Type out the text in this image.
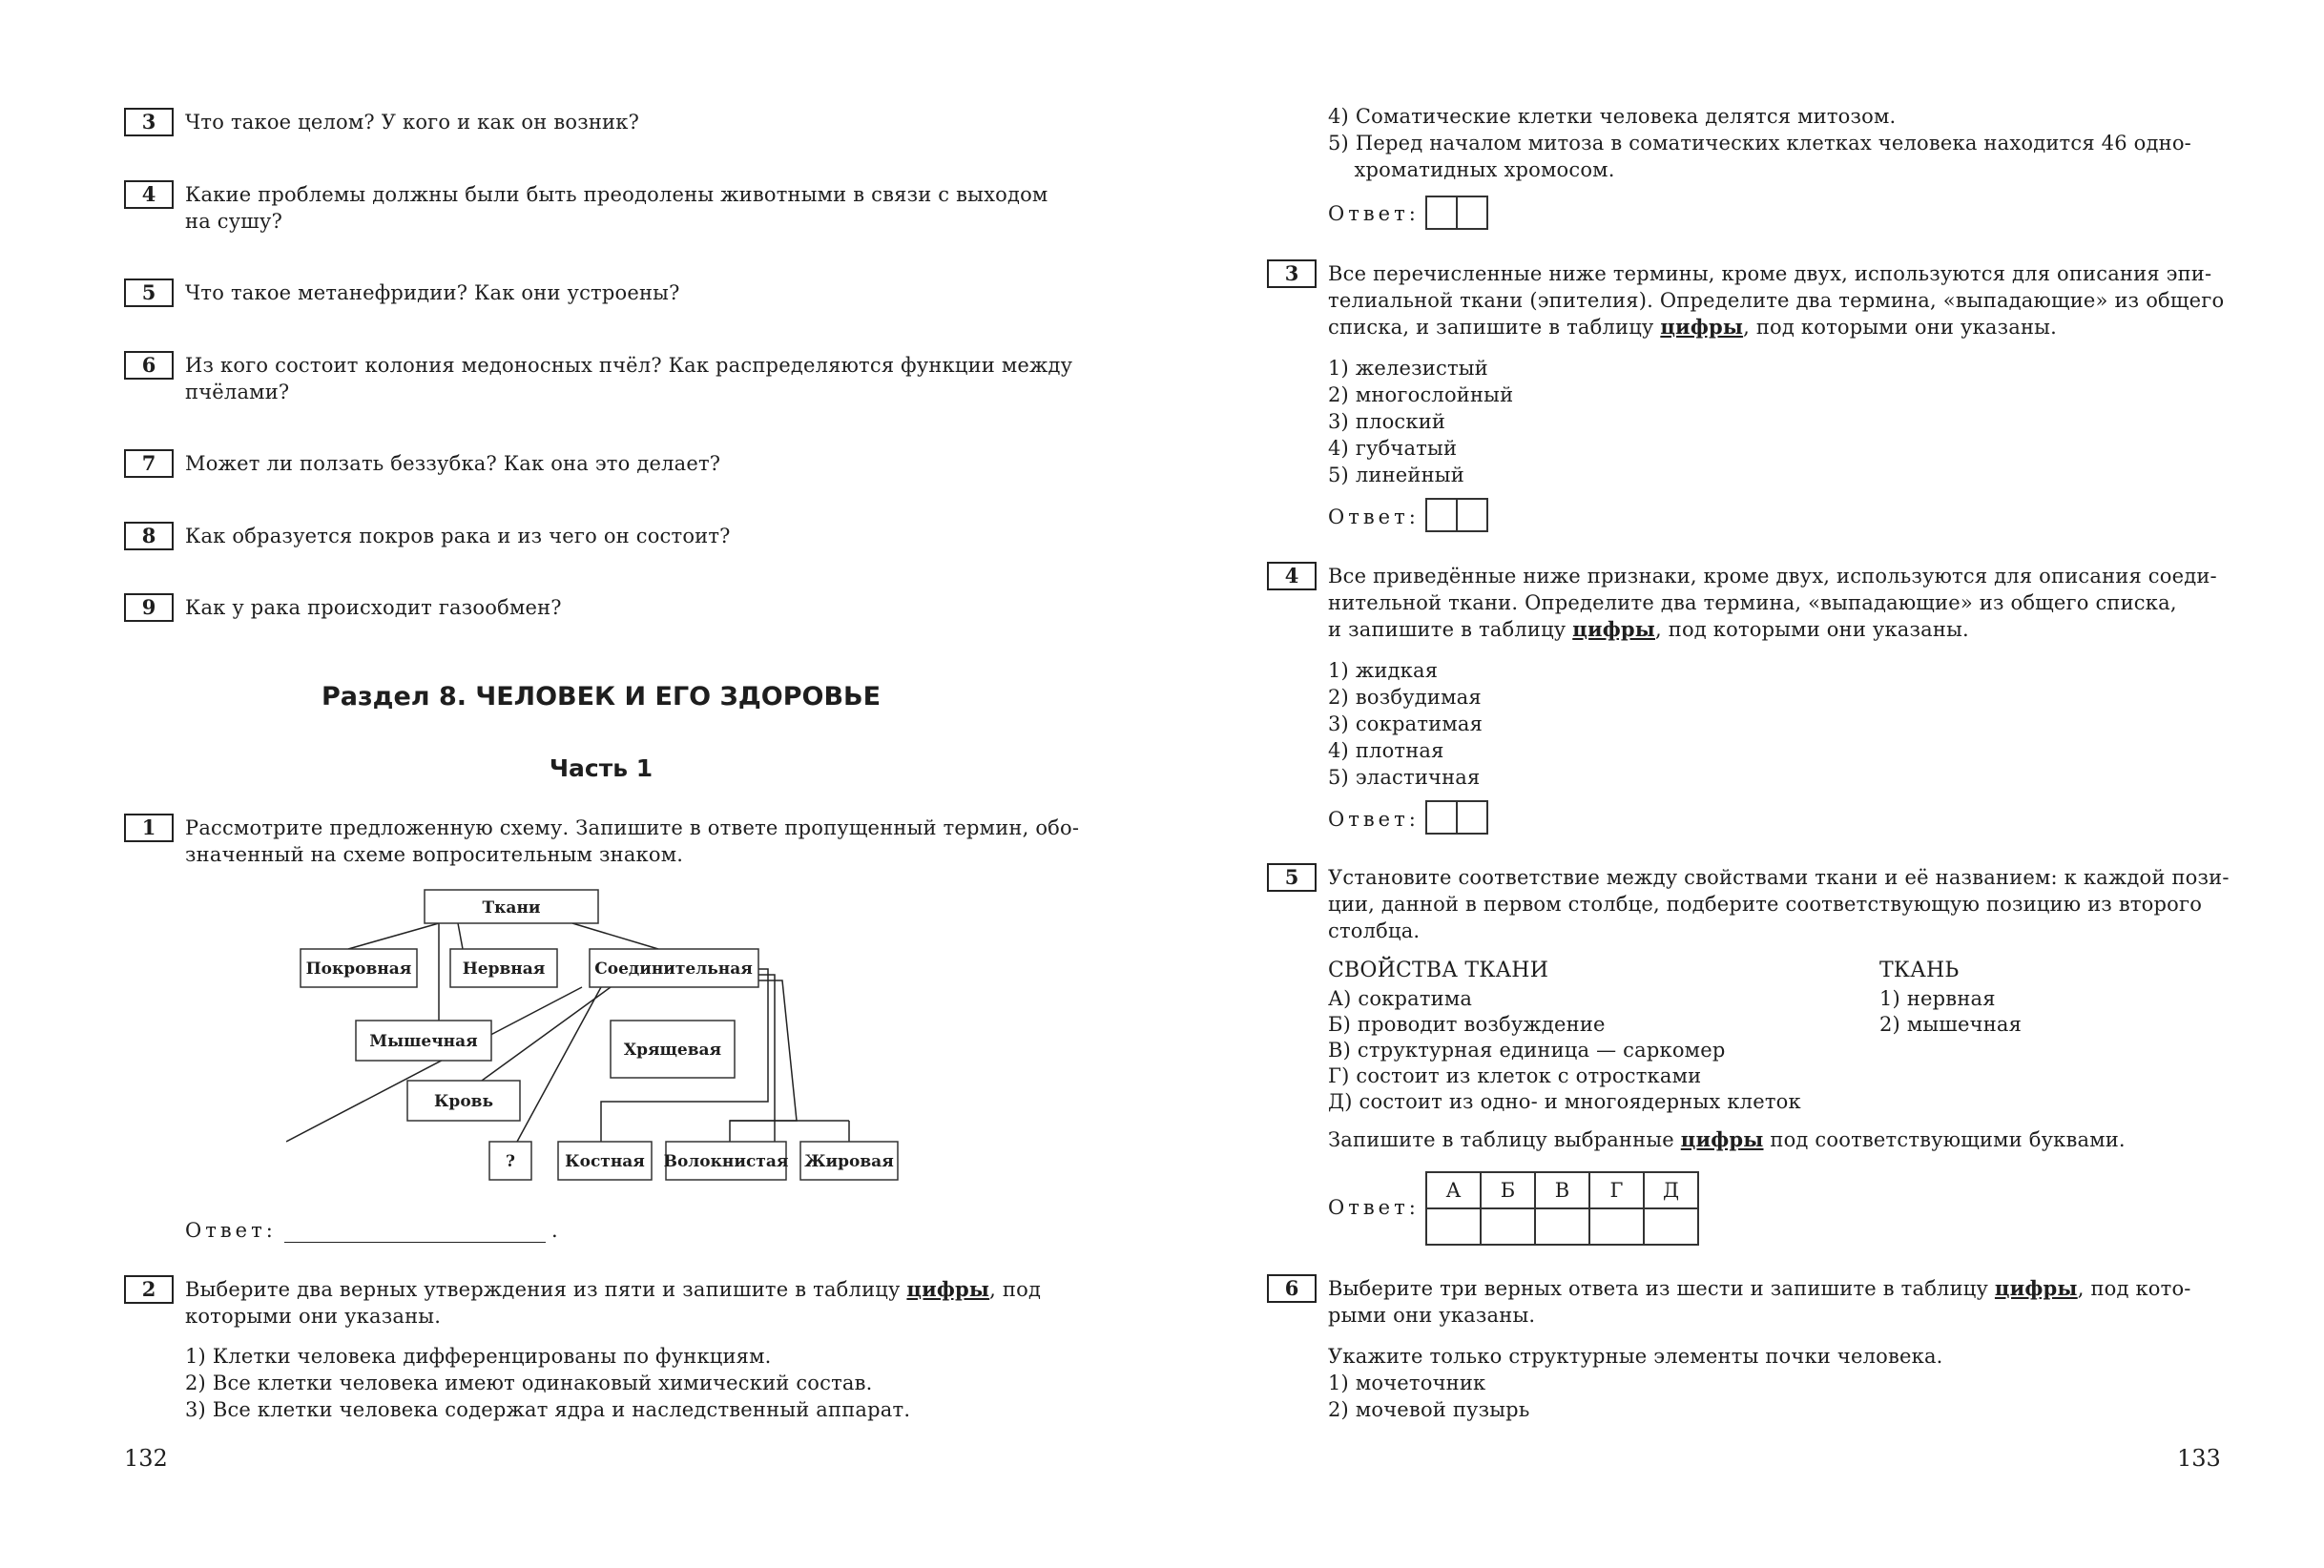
3	Что такое целом? У кого и как он возник?
4	Какие проблемы должны были быть преодолены животными в связи с выходом
на сушу?
5	Что такое метанефридии? Как они устроены?
6	Из кого состоит колония медоносных пчёл? Как распределяются функции между
пчёлами?
7	Может ли ползать беззубка? Как она это делает?
8	Как образуется покров рака и из чего он состоит?
9	Как у рака происходит газообмен?
Раздел 8. ЧЕЛОВЕК И ЕГО ЗДОРОВЬЕ
Часть 1
1	Рассмотрите предложенную схему. Запишите в ответе пропущенный термин, обо-
значенный на схеме вопросительным знаком.
Ткани
Покровная	Нервная	Соединительная
Мышечная	Хрящевая
Кровь
?	Костная Волокнистая Жировая
Ответ:	.
2	Выберите два верных утверждения из пяти и запишите в таблицу цифры, под
которыми они указаны.
1) Клетки человека дифференцированы по функциям.
2) Все клетки человека имеют одинаковый химический состав.
3) Все клетки человека содержат ядра и наследственный аппарат.
132
4) Соматические клетки человека делятся митозом.
5) Перед началом митоза в соматических клетках человека находится 46 одно-
хроматидных хромосом.
Ответ:
3	Все перечисленные ниже термины, кроме двух, используются для описания эпи-
телиальной ткани (эпителия). Определите два термина, «выпадающие» из общего
списка, и запишите в таблицу цифры, под которыми они указаны.
1) железистый
2) многослойный
3) плоский
4) губчатый
5) линейный
Ответ:
4	Все приведённые ниже признаки, кроме двух, используются для описания соеди-
нительной ткани. Определите два термина, «выпадающие» из общего списка,
и запишите в таблицу цифры, под которыми они указаны.
1) жидкая
2) возбудимая
3) сократимая
4) плотная
5) эластичная
Ответ:
5	Установите соответствие между свойствами ткани и её названием: к каждой пози-
ции, данной в первом столбце, подберите соответствующую позицию из второго
столбца.
СВОЙСТВА ТКАНИ
А) сократима
Б) проводит возбуждение
В) структурная единица — саркомер
Г) состоит из клеток с отростками
Д) состоит из одно- и многоядерных клеток
ТКАНЬ
1) нервная
2) мышечная
Запишите в таблицу выбранные цифры под соответствующими буквами.
Ответ:
А	Б	В	Г	Д

6	Выберите три верных ответа из шести и запишите в таблицу цифры, под кото-
рыми они указаны.
Укажите только структурные элементы почки человека.
1) мочеточник
2) мочевой пузырь
133
